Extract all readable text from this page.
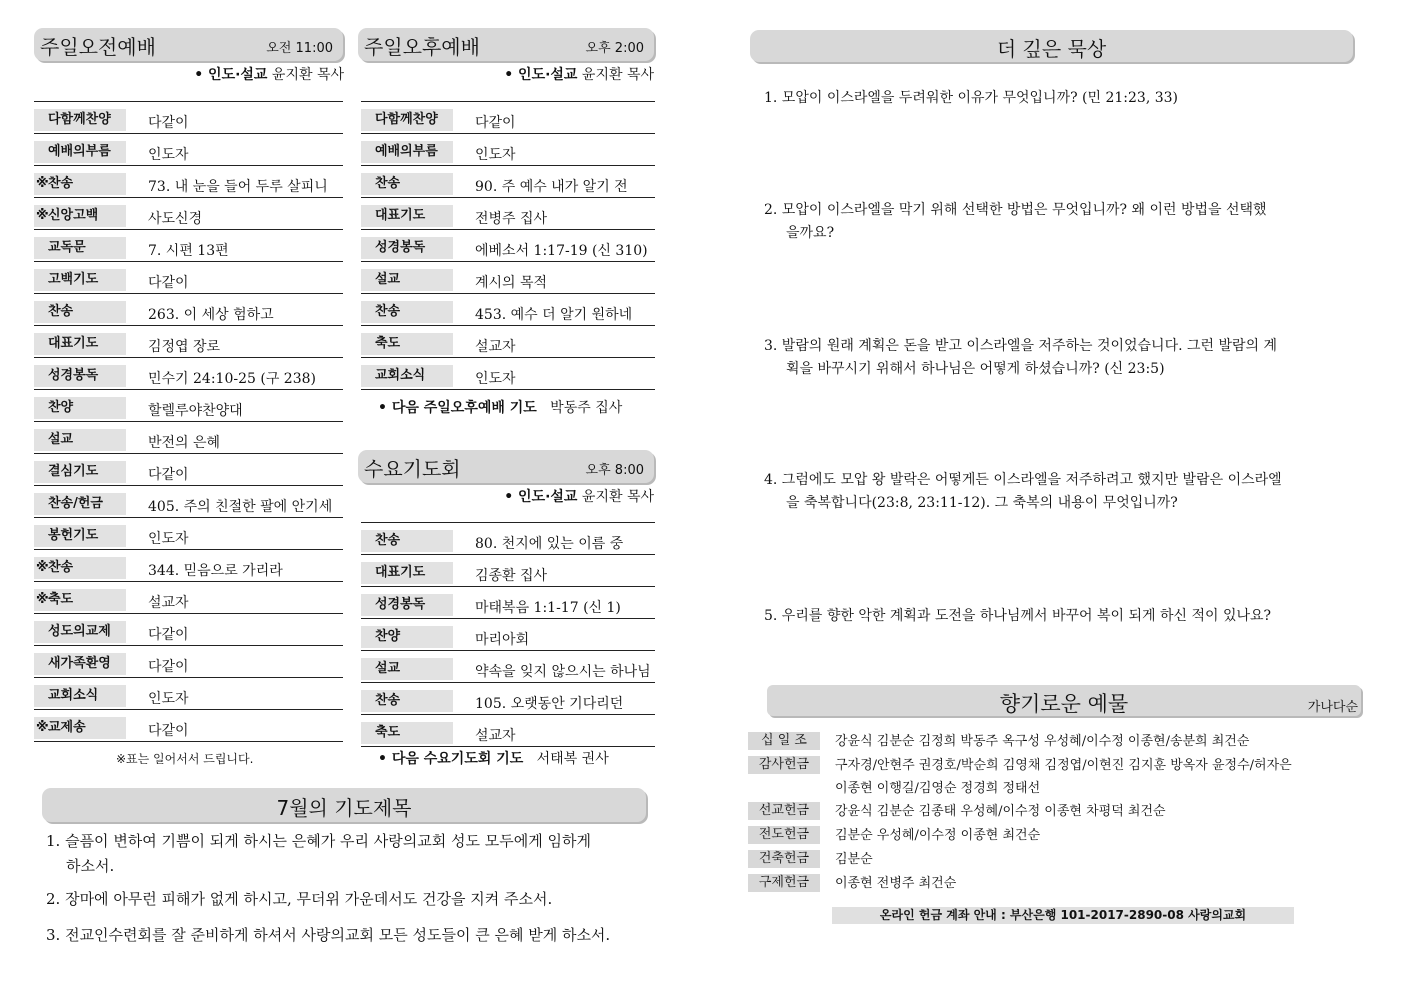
주일오전예배	오전 11:00
• 인도·설교 윤지환 목사
다함께찬양	다같이
예배의부름	인도자
※ 찬송	73. 내 눈을 들어 두루 살피니
※ 신앙고백	사도신경
교독문	7. 시편 13편
고백기도	다같이
찬송	263. 이 세상 험하고
대표기도	김정엽 장로
성경봉독	민수기 24:10-25 (구 238)
찬양	할렐루야찬양대
설교	반전의 은혜
결심기도	다같이
찬송/헌금	405. 주의 친절한 팔에 안기세
봉헌기도	인도자
※ 찬송	344. 믿음으로 가리라
※ 축도	설교자
성도의교제	다같이
새가족환영	다같이
교회소식	인도자
※ 교제송	다같이
※표는 일어서서 드립니다.
주일오후예배	오후 2:00
• 인도·설교 윤지환 목사
다함께찬양	다같이
예배의부름	인도자
찬송	90. 주 예수 내가 알기 전
대표기도	전병주 집사
성경봉독	에베소서 1:17-19 (신 310)
설교	계시의 목적
찬송	453. 예수 더 알기 원하네
축도	설교자
교회소식	인도자
• 다음 주일오후예배 기도 박동주 집사
수요기도회	오후 8:00
• 인도·설교 윤지환 목사
찬송	80. 천지에 있는 이름 중
대표기도	김종환 집사
성경봉독	마태복음 1:1-17 (신 1)
찬양	마리아회
설교	약속을 잊지 않으시는 하나님
찬송	105. 오랫동안 기다리던
축도	설교자
• 다음 수요기도회 기도 서태복 권사
7월의 기도제목
1. 슬픔이 변하여 기쁨이 되게 하시는 은혜가 우리 사랑의교회 성도 모두에게 임하게
하소서.
2. 장마에 아무런 피해가 없게 하시고, 무더위 가운데서도 건강을 지켜 주소서.
3. 전교인수련회를 잘 준비하게 하셔서 사랑의교회 모든 성도들이 큰 은혜 받게 하소서.
더 깊은 묵상
1. 모압이 이스라엘을 두려워한 이유가 무엇입니까? (민 21:23, 33)
2. 모압이 이스라엘을 막기 위해 선택한 방법은 무엇입니까? 왜 이런 방법을 선택했
을까요?
3. 발람의 원래 계획은 돈을 받고 이스라엘을 저주하는 것이었습니다. 그런 발람의 계
획을 바꾸시기 위해서 하나님은 어떻게 하셨습니까? (신 23:5)
4. 그럼에도 모압 왕 발락은 어떻게든 이스라엘을 저주하려고 했지만 발람은 이스라엘
을 축복합니다(23:8, 23:11-12). 그 축복의 내용이 무엇입니까?
5. 우리를 향한 악한 계획과 도전을 하나님께서 바꾸어 복이 되게 하신 적이 있나요?
향기로운 예물	가나다순
십 일 조	강윤식 김분순 김정희 박동주 옥구성 우성혜/이수정 이종현/송분희 최건순
감사헌금	구자경/안현주 권경호/박순희 김영채 김정엽/이현진 김지훈 방옥자 윤정수/허자은
이종현 이행길/김영순 정경희 정태선
선교헌금	강윤식 김분순 김종태 우성혜/이수정 이종현 차평덕 최건순
전도헌금	김분순 우성혜/이수정 이종현 최건순
건축헌금	김분순
구제헌금	이종현 전병주 최건순
온라인 헌금 계좌 안내 : 부산은행 101-2017-2890-08 사랑의교회
